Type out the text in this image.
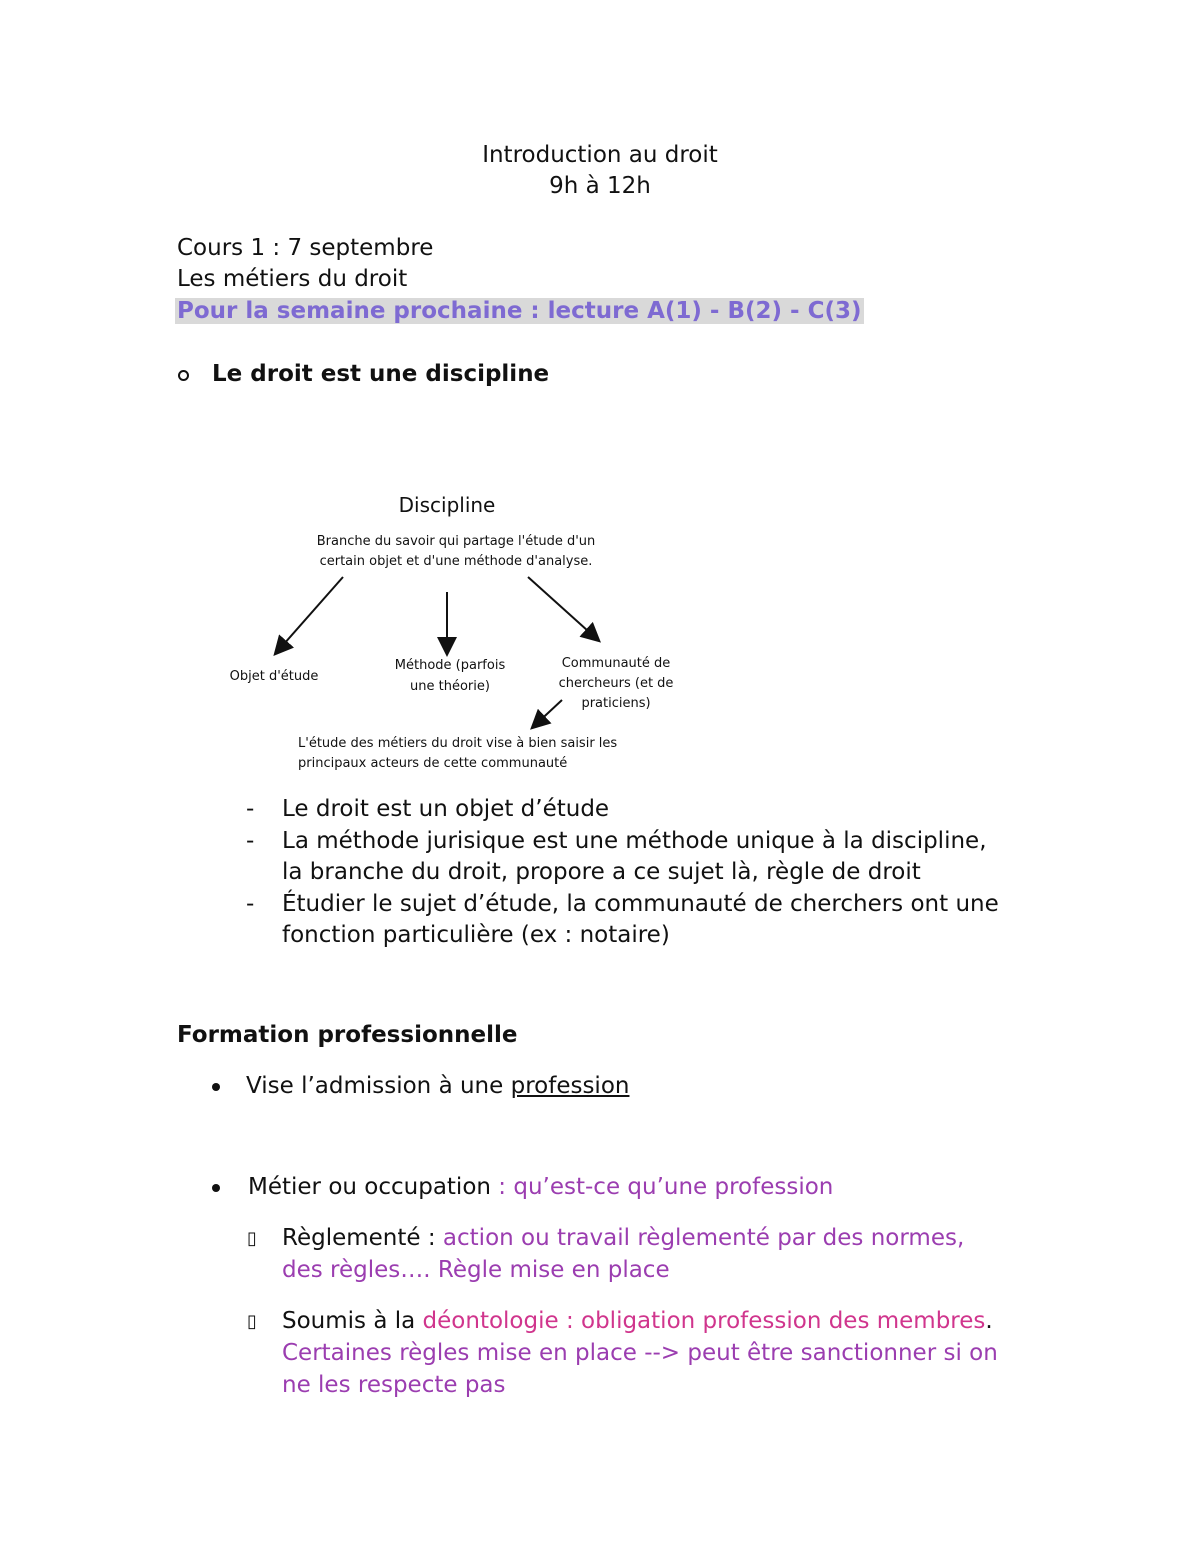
Introduction au droit
9h à 12h
Cours 1 : 7 septembre
Les métiers du droit
Pour la semaine prochaine : lecture A(1) - B(2) - C(3)
Le droit est une discipline
Discipline
Branche du savoir qui partage l'étude d'un
certain objet et d'une méthode d'analyse.
Objet d'étude
Méthode (parfois
une théorie)
Communauté de
chercheurs (et de
praticiens)
L'étude des métiers du droit vise à bien saisir les
principaux acteurs de cette communauté
- Le droit est un objet d’étude
- La méthode jurisique est une méthode unique à la discipline,
la branche du droit, propore a ce sujet là, règle de droit
- Étudier le sujet d’étude, la communauté de cherchers ont une
fonction particulière (ex : notaire)
Formation professionnelle
Vise l’admission à une profession
Métier ou occupation : qu’est-ce qu’une profession
▯ Règlementé : action ou travail règlementé par des normes,
des règles…. Règle mise en place
▯ Soumis à la déontologie : obligation profession des membres.
Certaines règles mise en place --> peut être sanctionner si on
ne les respecte pas
